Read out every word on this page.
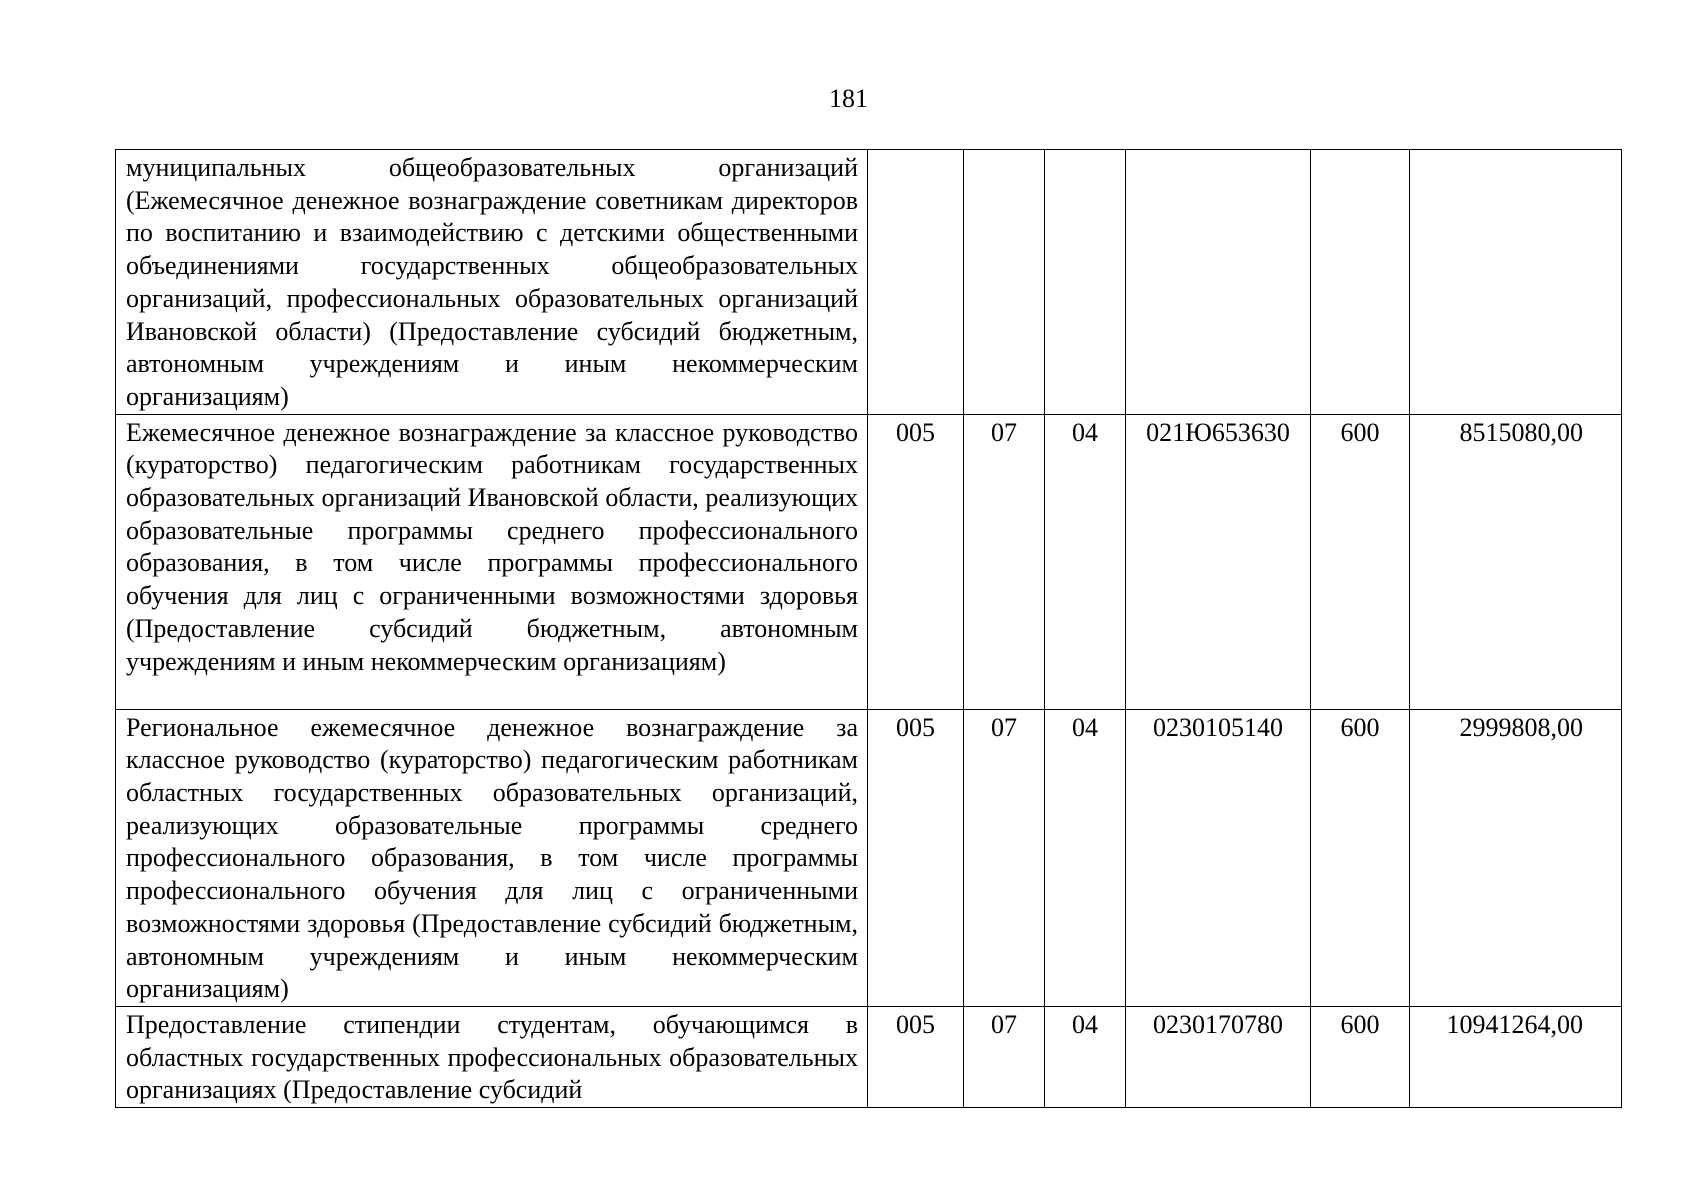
181
муниципальных общеобразовательных организаций (Ежемесячное денежное вознаграждение советникам директоров по воспитанию и взаимодействию с детскими общественными объединениями государственных общеобразовательных организаций, профессиональных образовательных организаций Ивановской области) (Предоставление субсидий бюджетным, автономным учреждениям и иным некоммерческим организациям)						
Ежемесячное денежное вознаграждение за классное руководство (кураторство) педагогическим работникам государственных образовательных организаций Ивановской области, реализующих образовательные программы среднего профессионального образования, в том числе программы профессионального обучения для лиц с ограниченными возможностями здоровья (Предоставление субсидий бюджетным, автономным учреждениям и иным некоммерческим организациям)	005	07	04	021Ю653630	600	8515080,00
Региональное ежемесячное денежное вознаграждение за классное руководство (кураторство) педагогическим работникам областных государственных образовательных организаций, реализующих образовательные программы среднего профессионального образования, в том числе программы профессионального обучения для лиц с ограниченными возможностями здоровья (Предоставление субсидий бюджетным, автономным учреждениям и иным некоммерческим организациям)	005	07	04	0230105140	600	2999808,00
Предоставление стипендии студентам, обучающимся в областных государственных профессиональных образовательных организациях (Предоставление субсидий	005	07	04	0230170780	600	10941264,00
